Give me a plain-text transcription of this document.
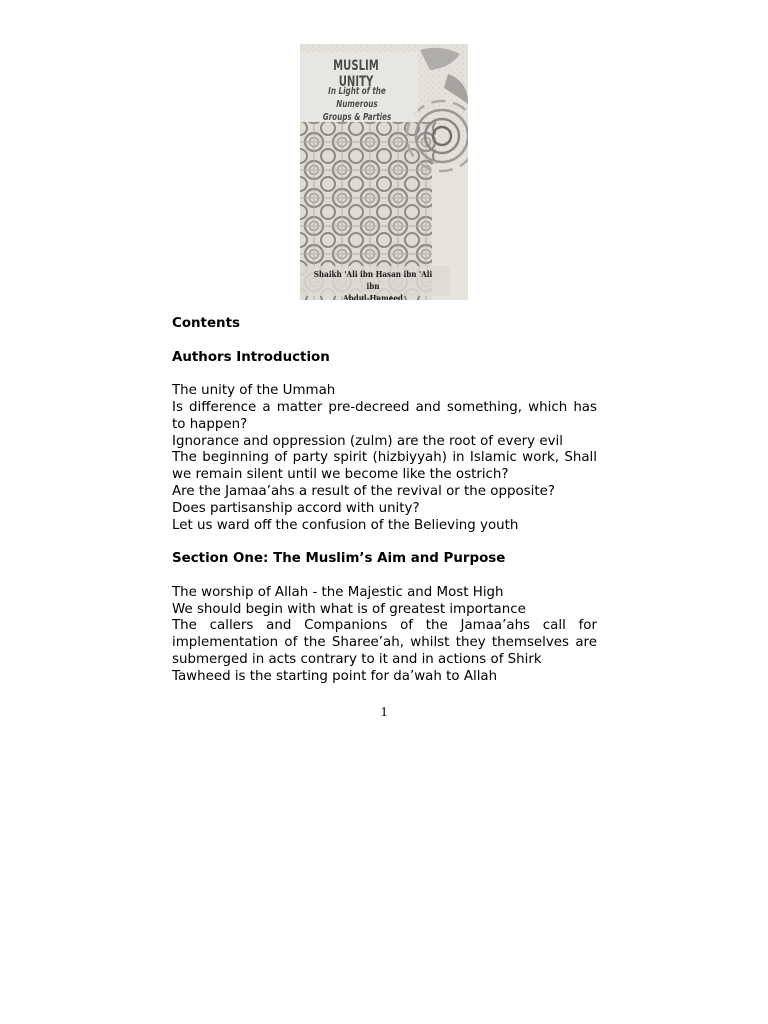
MUSLIM UNITY
In Light of the Numerous
Groups & Parties
Shaikh 'Ali ibn Hasan ibn 'Ali ibn
Abdul-Hameed

Contents

Authors Introduction

The unity of the Ummah

Is difference a matter pre-decreed and something, which has to happen?

Ignorance and oppression (zulm) are the root of every evil

The beginning of party spirit (hizbiyyah) in Islamic work, Shall we remain silent until we become like the ostrich?

Are the Jamaa’ahs a result of the revival or the opposite?

Does partisanship accord with unity?

Let us ward off the confusion of the Believing youth

Section One: The Muslim’s Aim and Purpose

The worship of Allah - the Majestic and Most High

We should begin with what is of greatest importance

The callers and Companions of the Jamaa’ahs call for implementation of the Sharee’ah, whilst they themselves are submerged in acts contrary to it and in actions of Shirk

Tawheed is the starting point for da’wah to Allah

1
